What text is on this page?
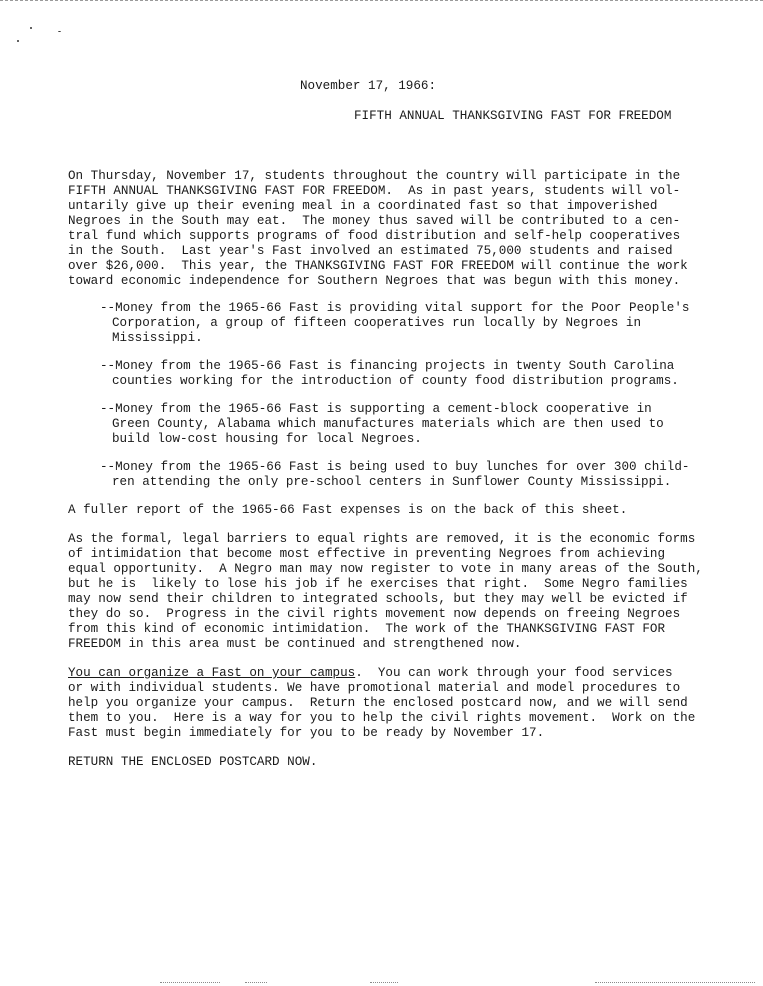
November 17, 1966:
FIFTH ANNUAL THANKSGIVING FAST FOR FREEDOM
On Thursday, November 17, students throughout the country will participate in the
FIFTH ANNUAL THANKSGIVING FAST FOR FREEDOM.  As in past years, students will vol-
untarily give up their evening meal in a coordinated fast so that impoverished
Negroes in the South may eat.  The money thus saved will be contributed to a cen-
tral fund which supports programs of food distribution and self-help cooperatives
in the South.  Last year's Fast involved an estimated 75,000 students and raised
over $26,000.  This year, the THANKSGIVING FAST FOR FREEDOM will continue the work
toward economic independence for Southern Negroes that was begun with this money.
--Money from the 1965-66 Fast is providing vital support for the Poor People's
Corporation, a group of fifteen cooperatives run locally by Negroes in
Mississippi.
--Money from the 1965-66 Fast is financing projects in twenty South Carolina
counties working for the introduction of county food distribution programs.
--Money from the 1965-66 Fast is supporting a cement-block cooperative in
Green County, Alabama which manufactures materials which are then used to
build low-cost housing for local Negroes.
--Money from the 1965-66 Fast is being used to buy lunches for over 300 child-
ren attending the only pre-school centers in Sunflower County Mississippi.
A fuller report of the 1965-66 Fast expenses is on the back of this sheet.
As the formal, legal barriers to equal rights are removed, it is the economic forms
of intimidation that become most effective in preventing Negroes from achieving
equal opportunity.  A Negro man may now register to vote in many areas of the South,
but he is  likely to lose his job if he exercises that right.  Some Negro families
may now send their children to integrated schools, but they may well be evicted if
they do so.  Progress in the civil rights movement now depends on freeing Negroes
from this kind of economic intimidation.  The work of the THANKSGIVING FAST FOR
FREEDOM in this area must be continued and strengthened now.
You can organize a Fast on your campus.  You can work through your food services
or with individual students. We have promotional material and model procedures to
help you organize your campus.  Return the enclosed postcard now, and we will send
them to you.  Here is a way for you to help the civil rights movement.  Work on the
Fast must begin immediately for you to be ready by November 17.
RETURN THE ENCLOSED POSTCARD NOW.
